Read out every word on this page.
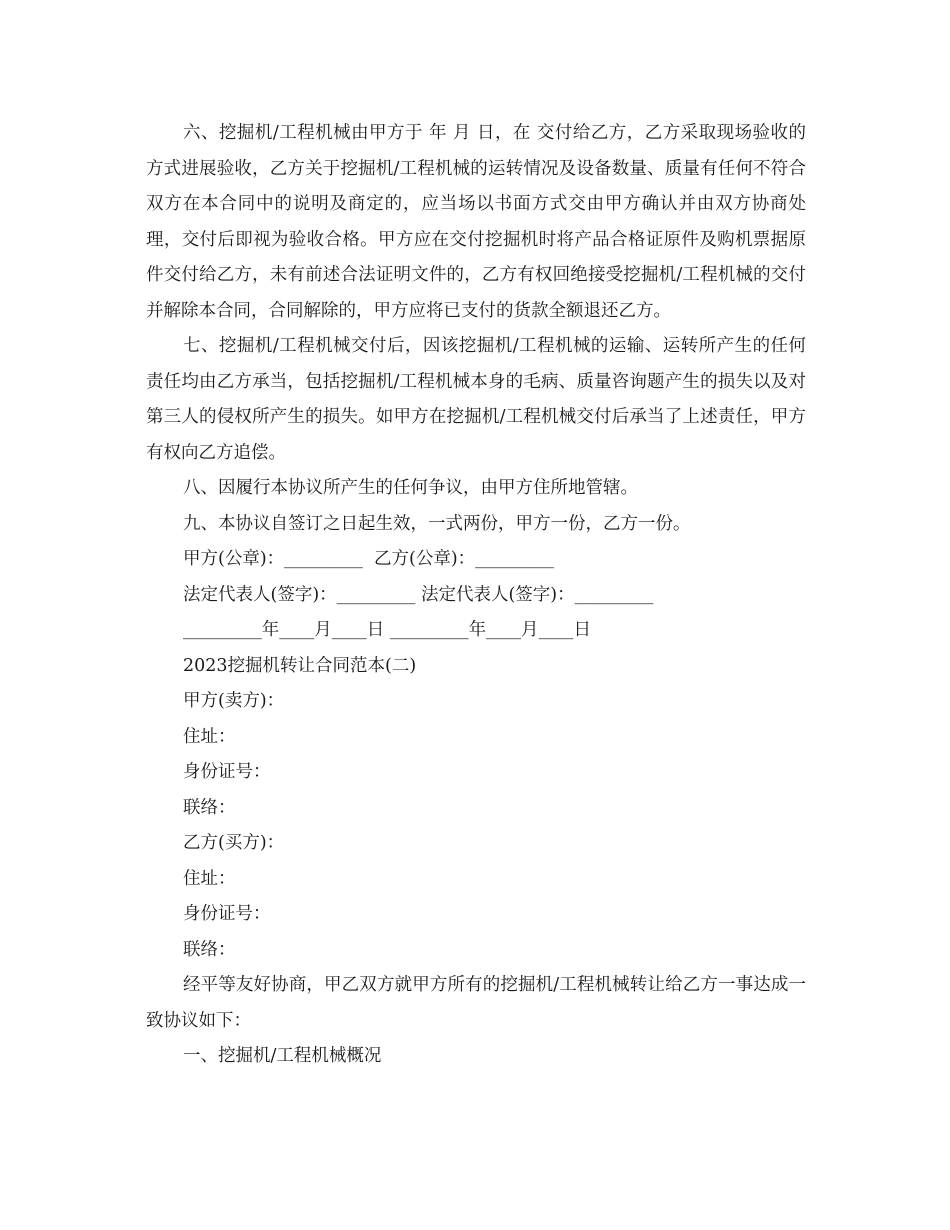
六、挖掘机/工程机械由甲方于 年 月 日，在 交付给乙方，乙方采取现场验收的方式进展验收，乙方关于挖掘机/工程机械的运转情况及设备数量、质量有任何不符合双方在本合同中的说明及商定的，应当场以书面方式交由甲方确认并由双方协商处理，交付后即视为验收合格。甲方应在交付挖掘机时将产品合格证原件及购机票据原件交付给乙方，未有前述合法证明文件的，乙方有权回绝接受挖掘机/工程机械的交付并解除本合同，合同解除的，甲方应将已支付的货款全额退还乙方。

七、挖掘机/工程机械交付后，因该挖掘机/工程机械的运输、运转所产生的任何责任均由乙方承当，包括挖掘机/工程机械本身的毛病、质量咨询题产生的损失以及对第三人的侵权所产生的损失。如甲方在挖掘机/工程机械交付后承当了上述责任，甲方有权向乙方追偿。

八、因履行本协议所产生的任何争议，由甲方住所地管辖。

九、本协议自签订之日起生效，一式两份，甲方一份，乙方一份。

甲方(公章)：_________  乙方(公章)：_________

法定代表人(签字)：_________ 法定代表人(签字)：_________

_________年____月____日 _________年____月____日

2023挖掘机转让合同范本(二)

甲方(卖方)：

住址：

身份证号：

联络：

乙方(买方)：

住址：

身份证号：

联络：

经平等友好协商，甲乙双方就甲方所有的挖掘机/工程机械转让给乙方一事达成一致协议如下：

一、挖掘机/工程机械概况
